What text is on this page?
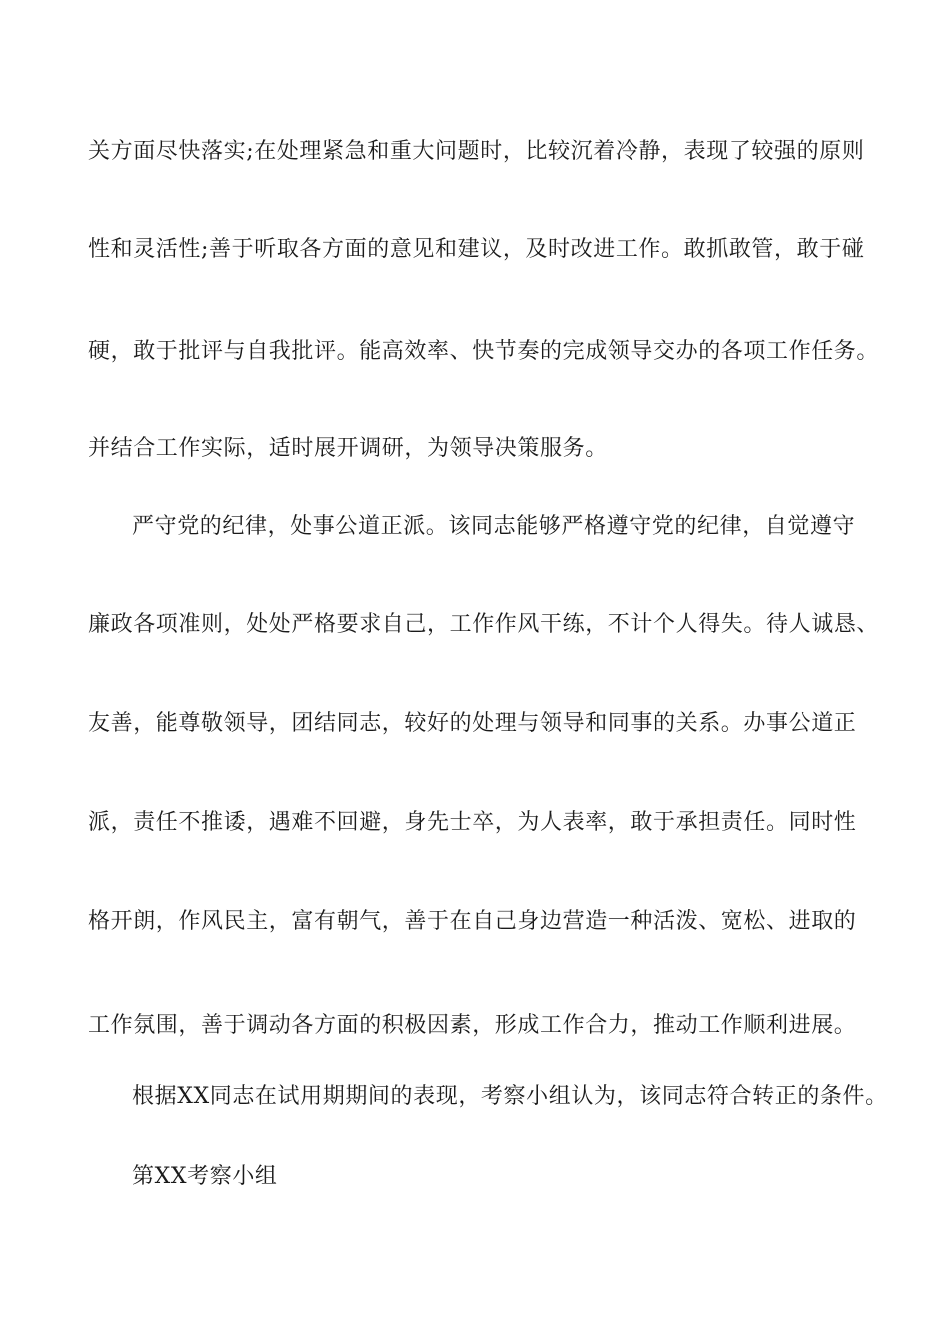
关方面尽快落实;在处理紧急和重大问题时，比较沉着冷静，表现了较强的原则
性和灵活性;善于听取各方面的意见和建议，及时改进工作。敢抓敢管，敢于碰
硬，敢于批评与自我批评。能高效率、快节奏的完成领导交办的各项工作任务。
并结合工作实际，适时展开调研，为领导决策服务。
严守党的纪律，处事公道正派。该同志能够严格遵守党的纪律，自觉遵守
廉政各项准则，处处严格要求自己，工作作风干练，不计个人得失。待人诚恳、
友善，能尊敬领导，团结同志，较好的处理与领导和同事的关系。办事公道正
派，责任不推诿，遇难不回避，身先士卒，为人表率，敢于承担责任。同时性
格开朗，作风民主，富有朝气，善于在自己身边营造一种活泼、宽松、进取的
工作氛围，善于调动各方面的积极因素，形成工作合力，推动工作顺利进展。
根据XX同志在试用期期间的表现，考察小组认为，该同志符合转正的条件。
第XX考察小组
